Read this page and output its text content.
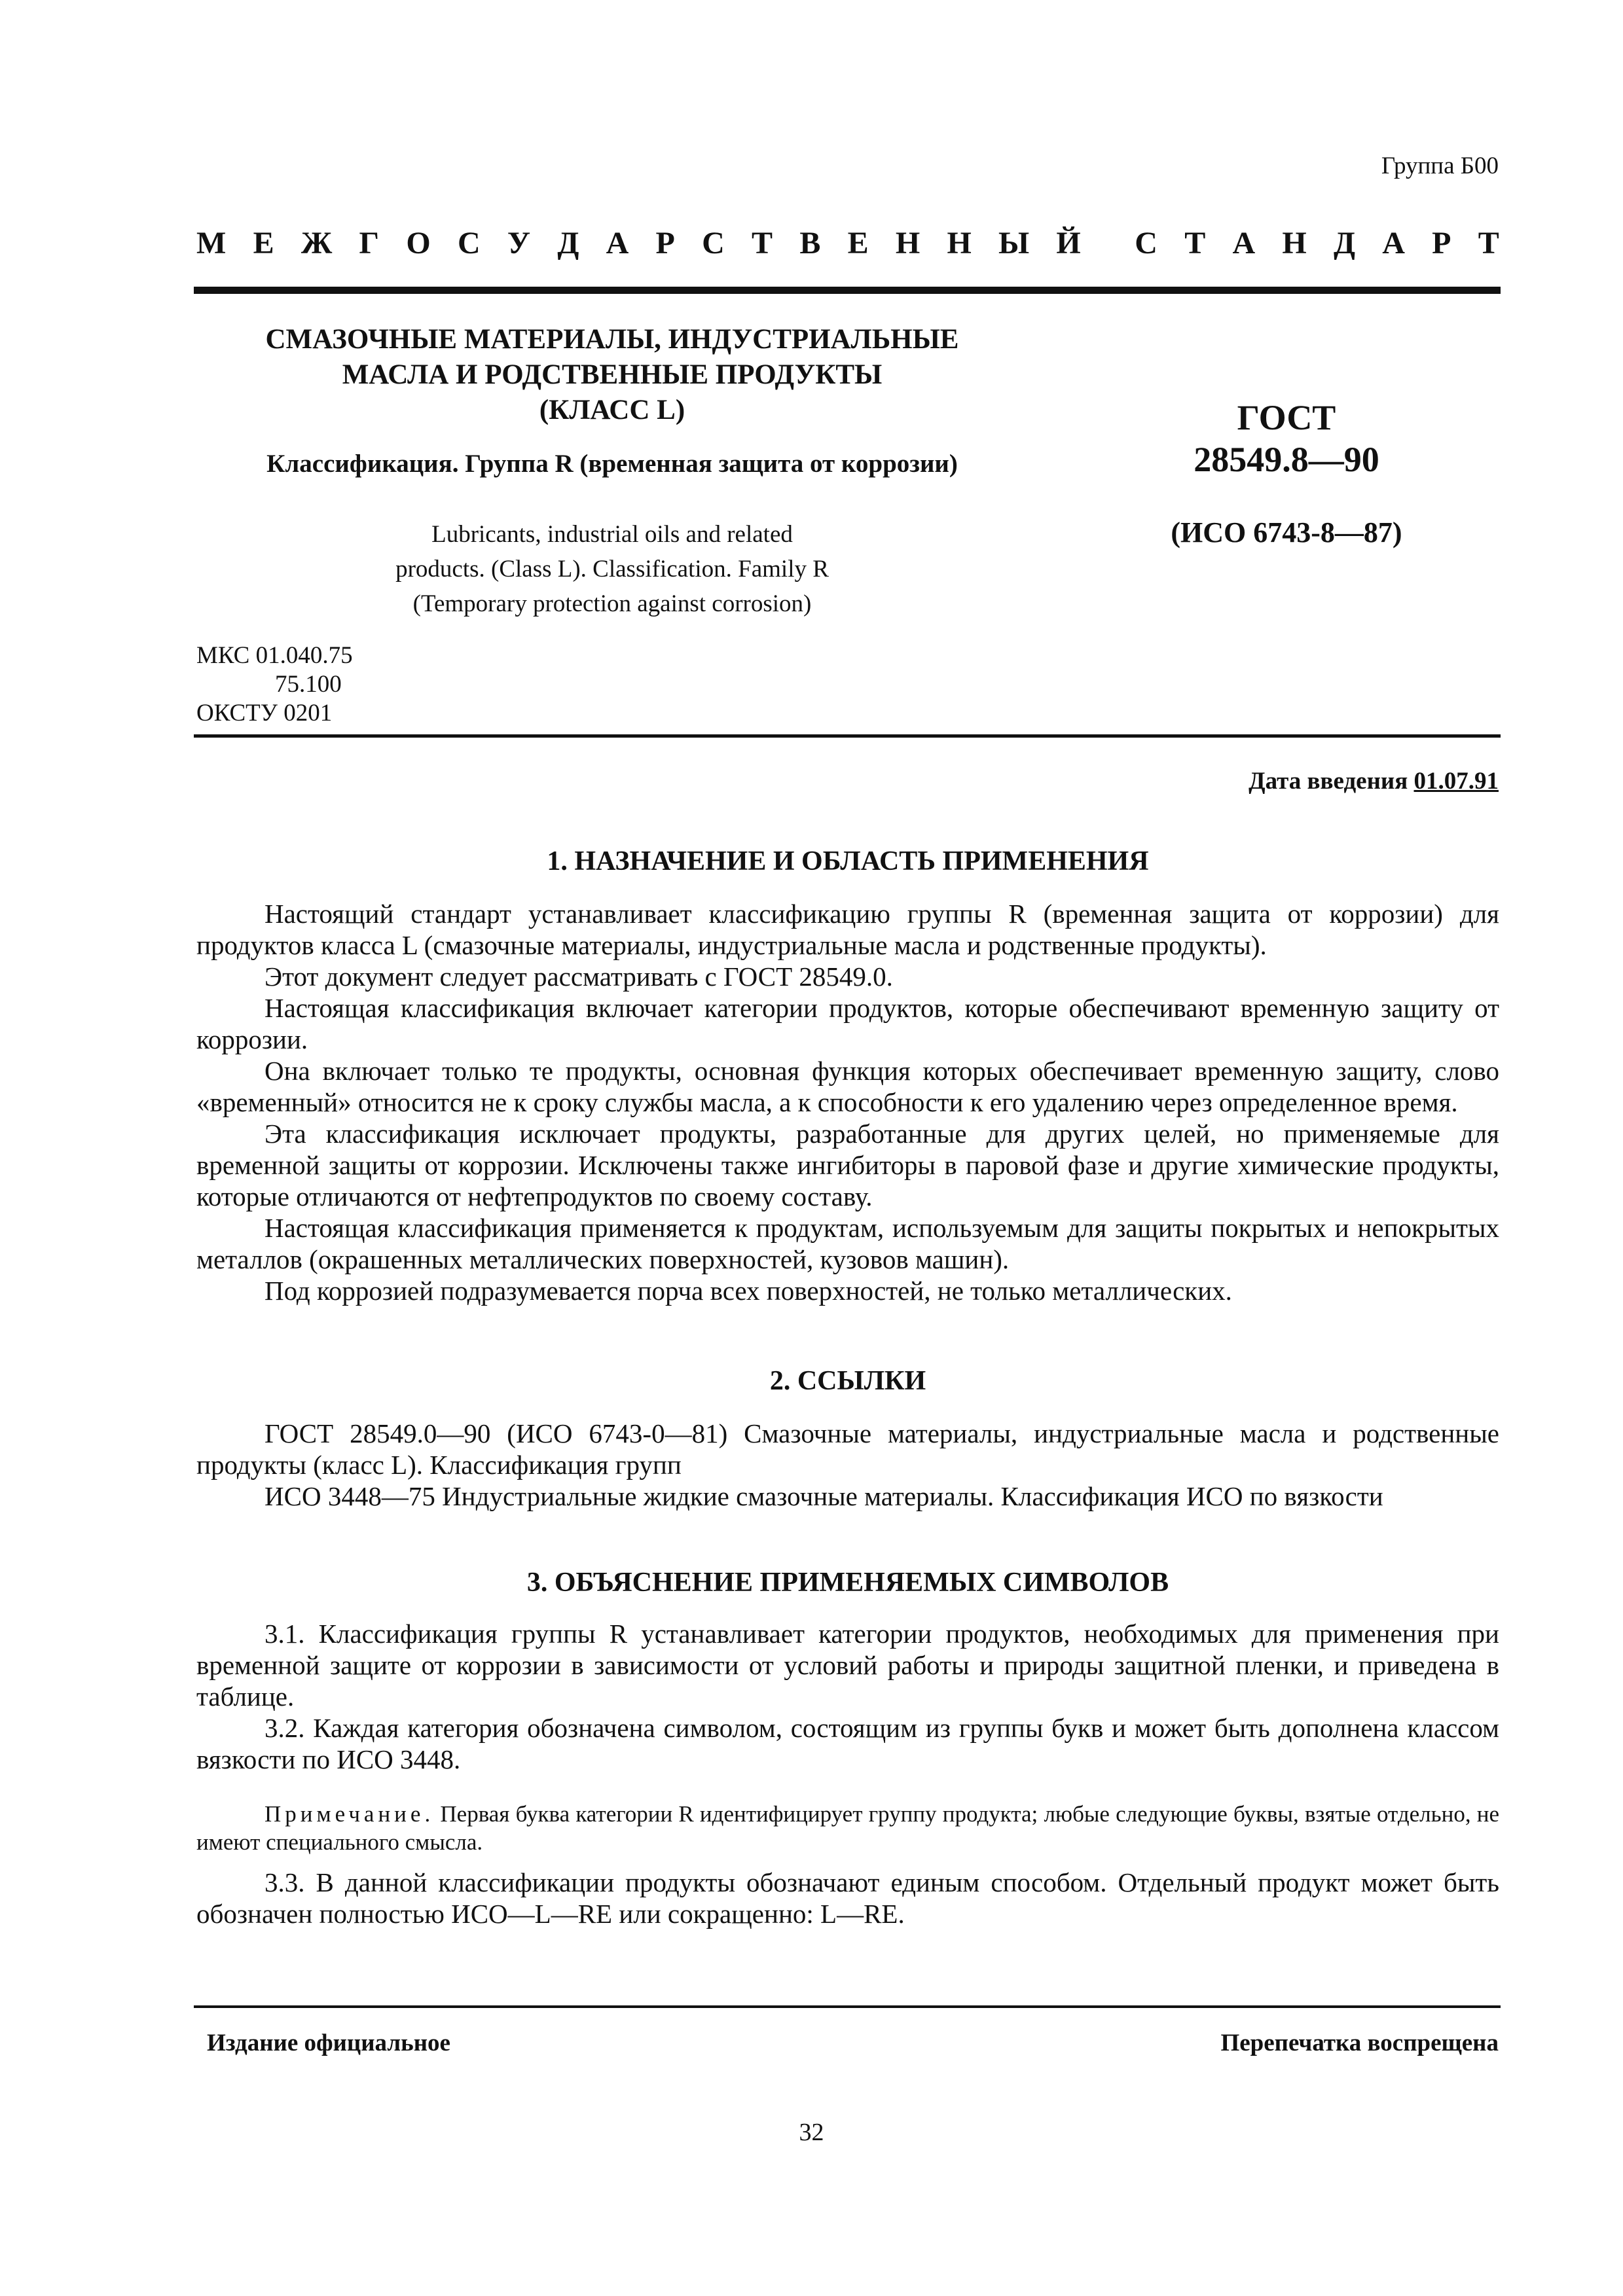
Группа Б00
М Е Ж Г О С У Д А Р С Т В Е Н Н Ы Й С Т А Н Д А Р Т
СМАЗОЧНЫЕ МАТЕРИАЛЫ, ИНДУСТРИАЛЬНЫЕ
МАСЛА И РОДСТВЕННЫЕ ПРОДУКТЫ
(КЛАСС L)
Классификация. Группа R (временная защита от коррозии)
Lubricants, industrial oils and related
products. (Class L). Classification. Family R
(Temporary protection against corrosion)
ГОСТ
28549.8—90
(ИСО 6743-8—87)
МКС 01.040.75
75.100
ОКСТУ 0201
Дата введения 01.07.91
1. НАЗНАЧЕНИЕ И ОБЛАСТЬ ПРИМЕНЕНИЯ

Настоящий стандарт устанавливает классификацию группы R (временная защита от коррозии) для продуктов класса L (смазочные материалы, индустриальные масла и родственные продукты).

Этот документ следует рассматривать с ГОСТ 28549.0.

Настоящая классификация включает категории продуктов, которые обеспечивают временную защиту от коррозии.

Она включает только те продукты, основная функция которых обеспечивает временную защиту, слово «временный» относится не к сроку службы масла, а к способности к его удалению через определенное время.

Эта классификация исключает продукты, разработанные для других целей, но применяемые для временной защиты от коррозии. Исключены также ингибиторы в паровой фазе и другие химические продукты, которые отличаются от нефтепродуктов по своему составу.

Настоящая классификация применяется к продуктам, используемым для защиты покрытых и непокрытых металлов (окрашенных металлических поверхностей, кузовов машин).

Под коррозией подразумевается порча всех поверхностей, не только металлических.

2. ССЫЛКИ

ГОСТ 28549.0—90 (ИСО 6743-0—81) Смазочные материалы, индустриальные масла и родственные продукты (класс L). Классификация групп

ИСО 3448—75 Индустриальные жидкие смазочные материалы. Классификация ИСО по вязкости

3. ОБЪЯСНЕНИЕ ПРИМЕНЯЕМЫХ СИМВОЛОВ

3.1. Классификация группы R устанавливает категории продуктов, необходимых для применения при временной защите от коррозии в зависимости от условий работы и природы защитной пленки, и приведена в таблице.

3.2. Каждая категория обозначена символом, состоящим из группы букв и может быть дополнена классом вязкости по ИСО 3448.

Примечание. Первая буква категории R идентифицирует группу продукта; любые следующие буквы, взятые отдельно, не имеют специального смысла.

3.3. В данной классификации продукты обозначают единым способом. Отдельный продукт может быть обозначен полностью ИСО—L—RE или сокращенно: L—RE.

Издание официальное	Перепечатка воспрещена
32
